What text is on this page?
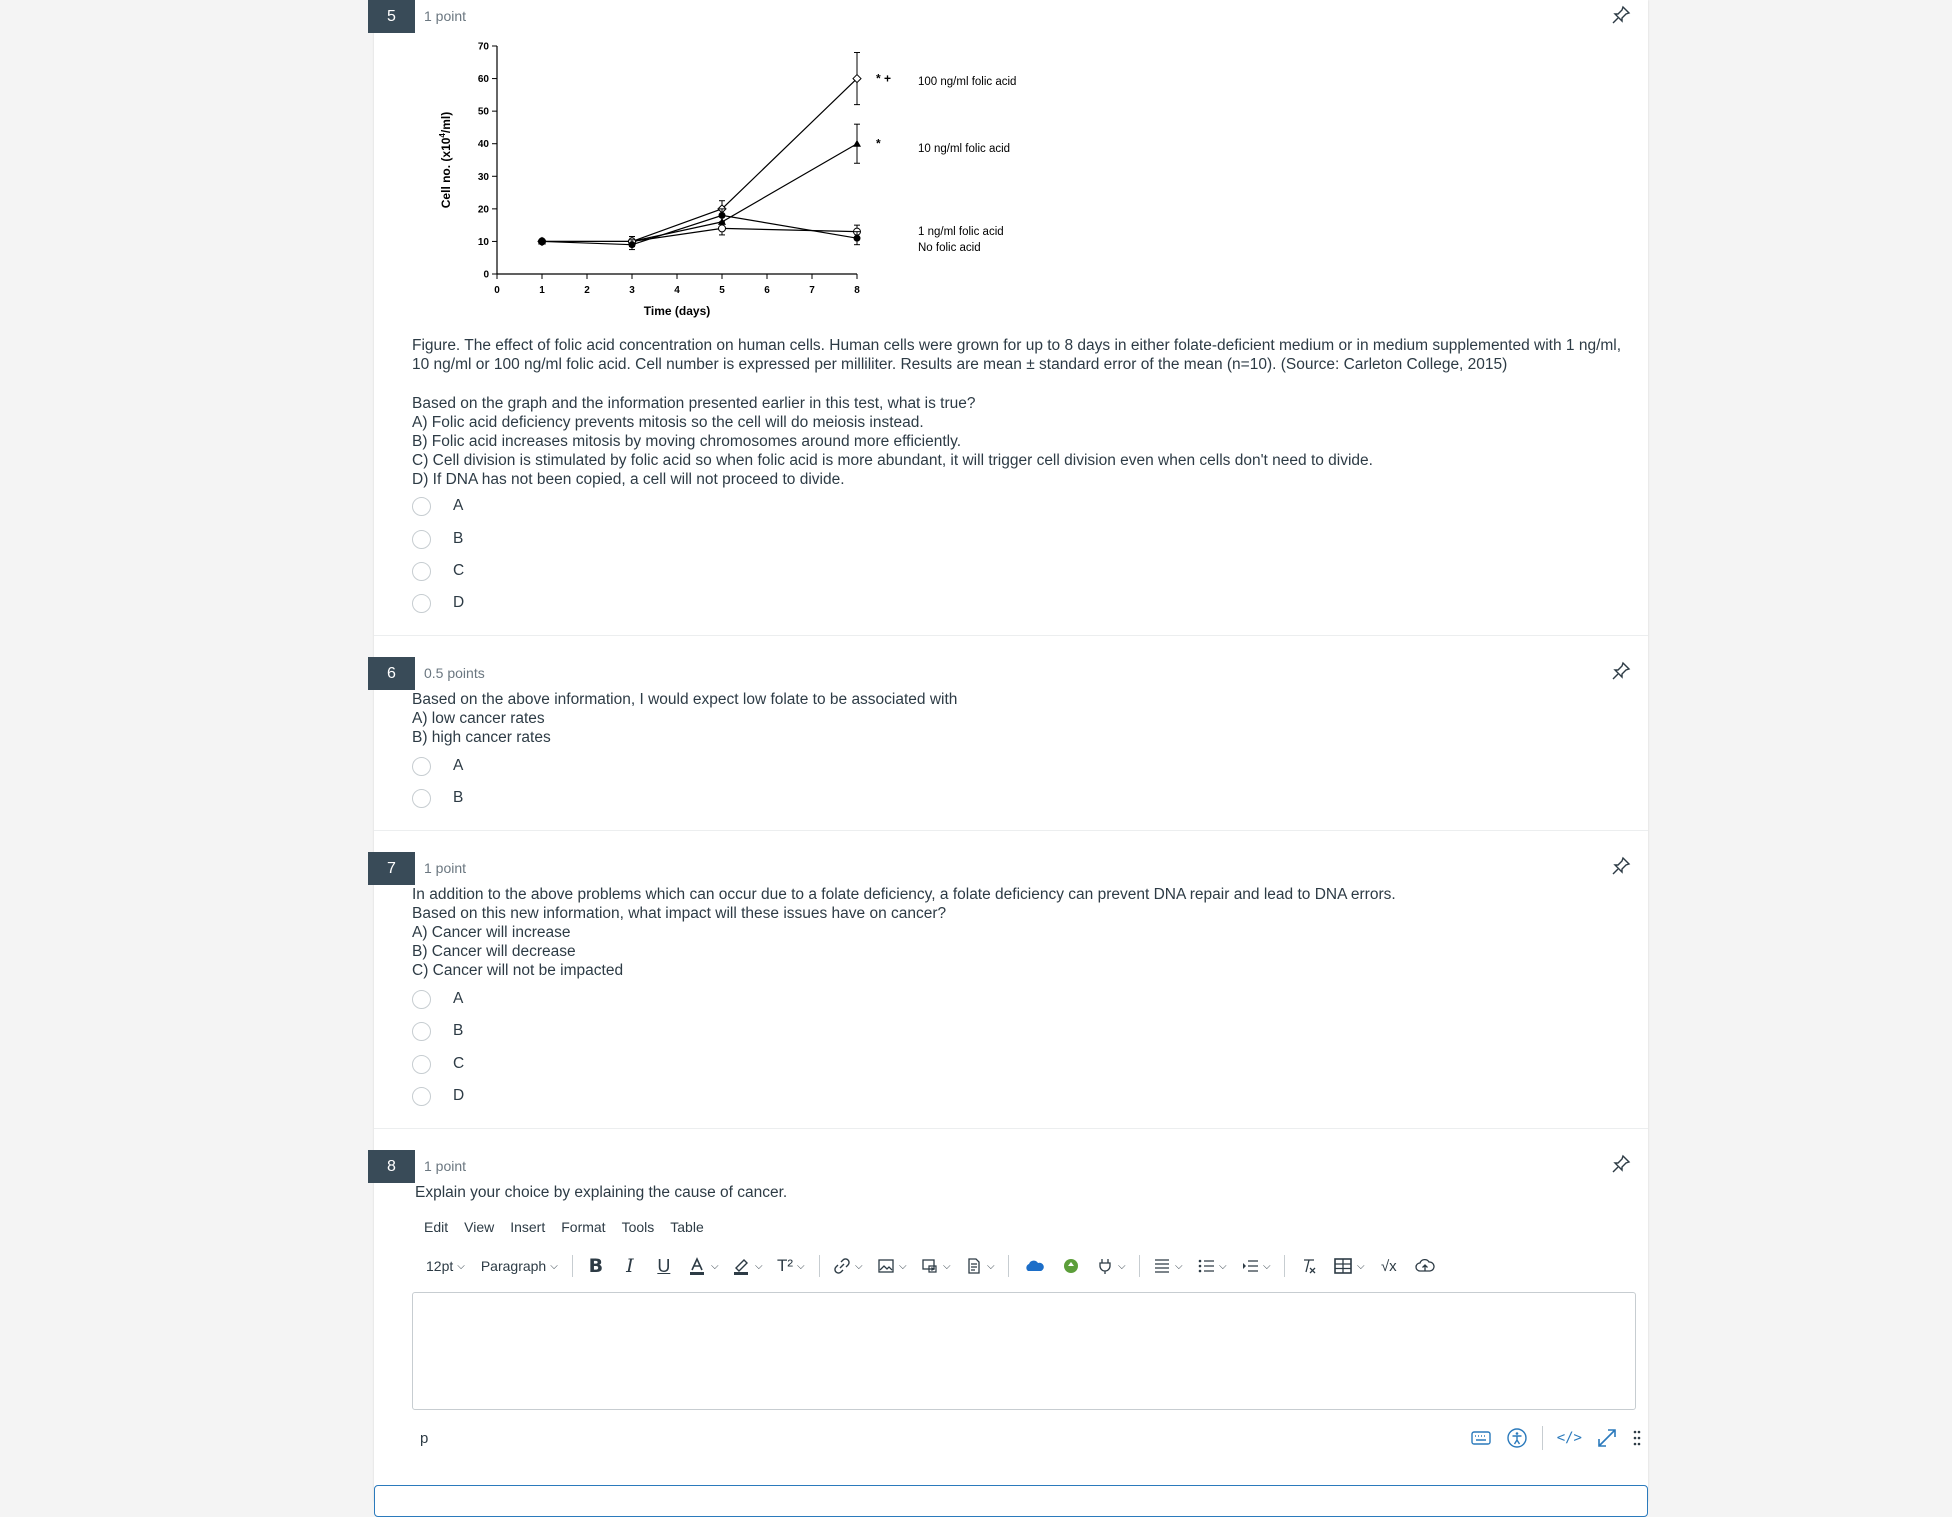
5	1 point
0	1	2	3	4	5	6	7	8
0
10
20
30
40
50
60
70
Time (days)
Cell no. $(x10^4/ml)$
100 ng/ml folic acid
* +
10 ng/ml folic acid
*
1 ng/ml folic acid
No folic acid
Figure. The effect of folic acid concentration on human cells. Human cells were grown for up to 8 days in either folate-deficient medium or in medium supplemented with 1 ng/ml, 10 ng/ml or 100 ng/ml folic acid. Cell number is expressed per milliliter. Results are mean ± standard error of the mean (n=10). (Source: Carleton College, 2015)
Based on the graph and the information presented earlier in this test, what is true?
A) Folic acid deficiency prevents mitosis so the cell will do meiosis instead.
B) Folic acid increases mitosis by moving chromosomes around more efficiently.
C) Cell division is stimulated by folic acid so when folic acid is more abundant, it will trigger cell division even when cells don't need to divide.
D) If DNA has not been copied, a cell will not proceed to divide.
A
B
C
D
6	0.5 points
Based on the above information, I would expect low folate to be associated with
A) low cancer rates
B) high cancer rates
A
B
7	1 point
In addition to the above problems which can occur due to a folate deficiency, a folate deficiency can prevent DNA repair and lead to DNA errors.
Based on this new information, what impact will these issues have on cancer?
A) Cancer will increase
B) Cancer will decrease
C) Cancer will not be impacted
A
B
C
D
8	1 point
Explain your choice by explaining the cause of cancer.
Edit View Insert Format Tools Table
12pt ⌵ Paragraph ⌵	B	I	U	⌵	⌵ T² ⌵	⌵	⌵	⌵	⌵	⌵	⌵	⌵	⌵	⌵	√x
p	</>
